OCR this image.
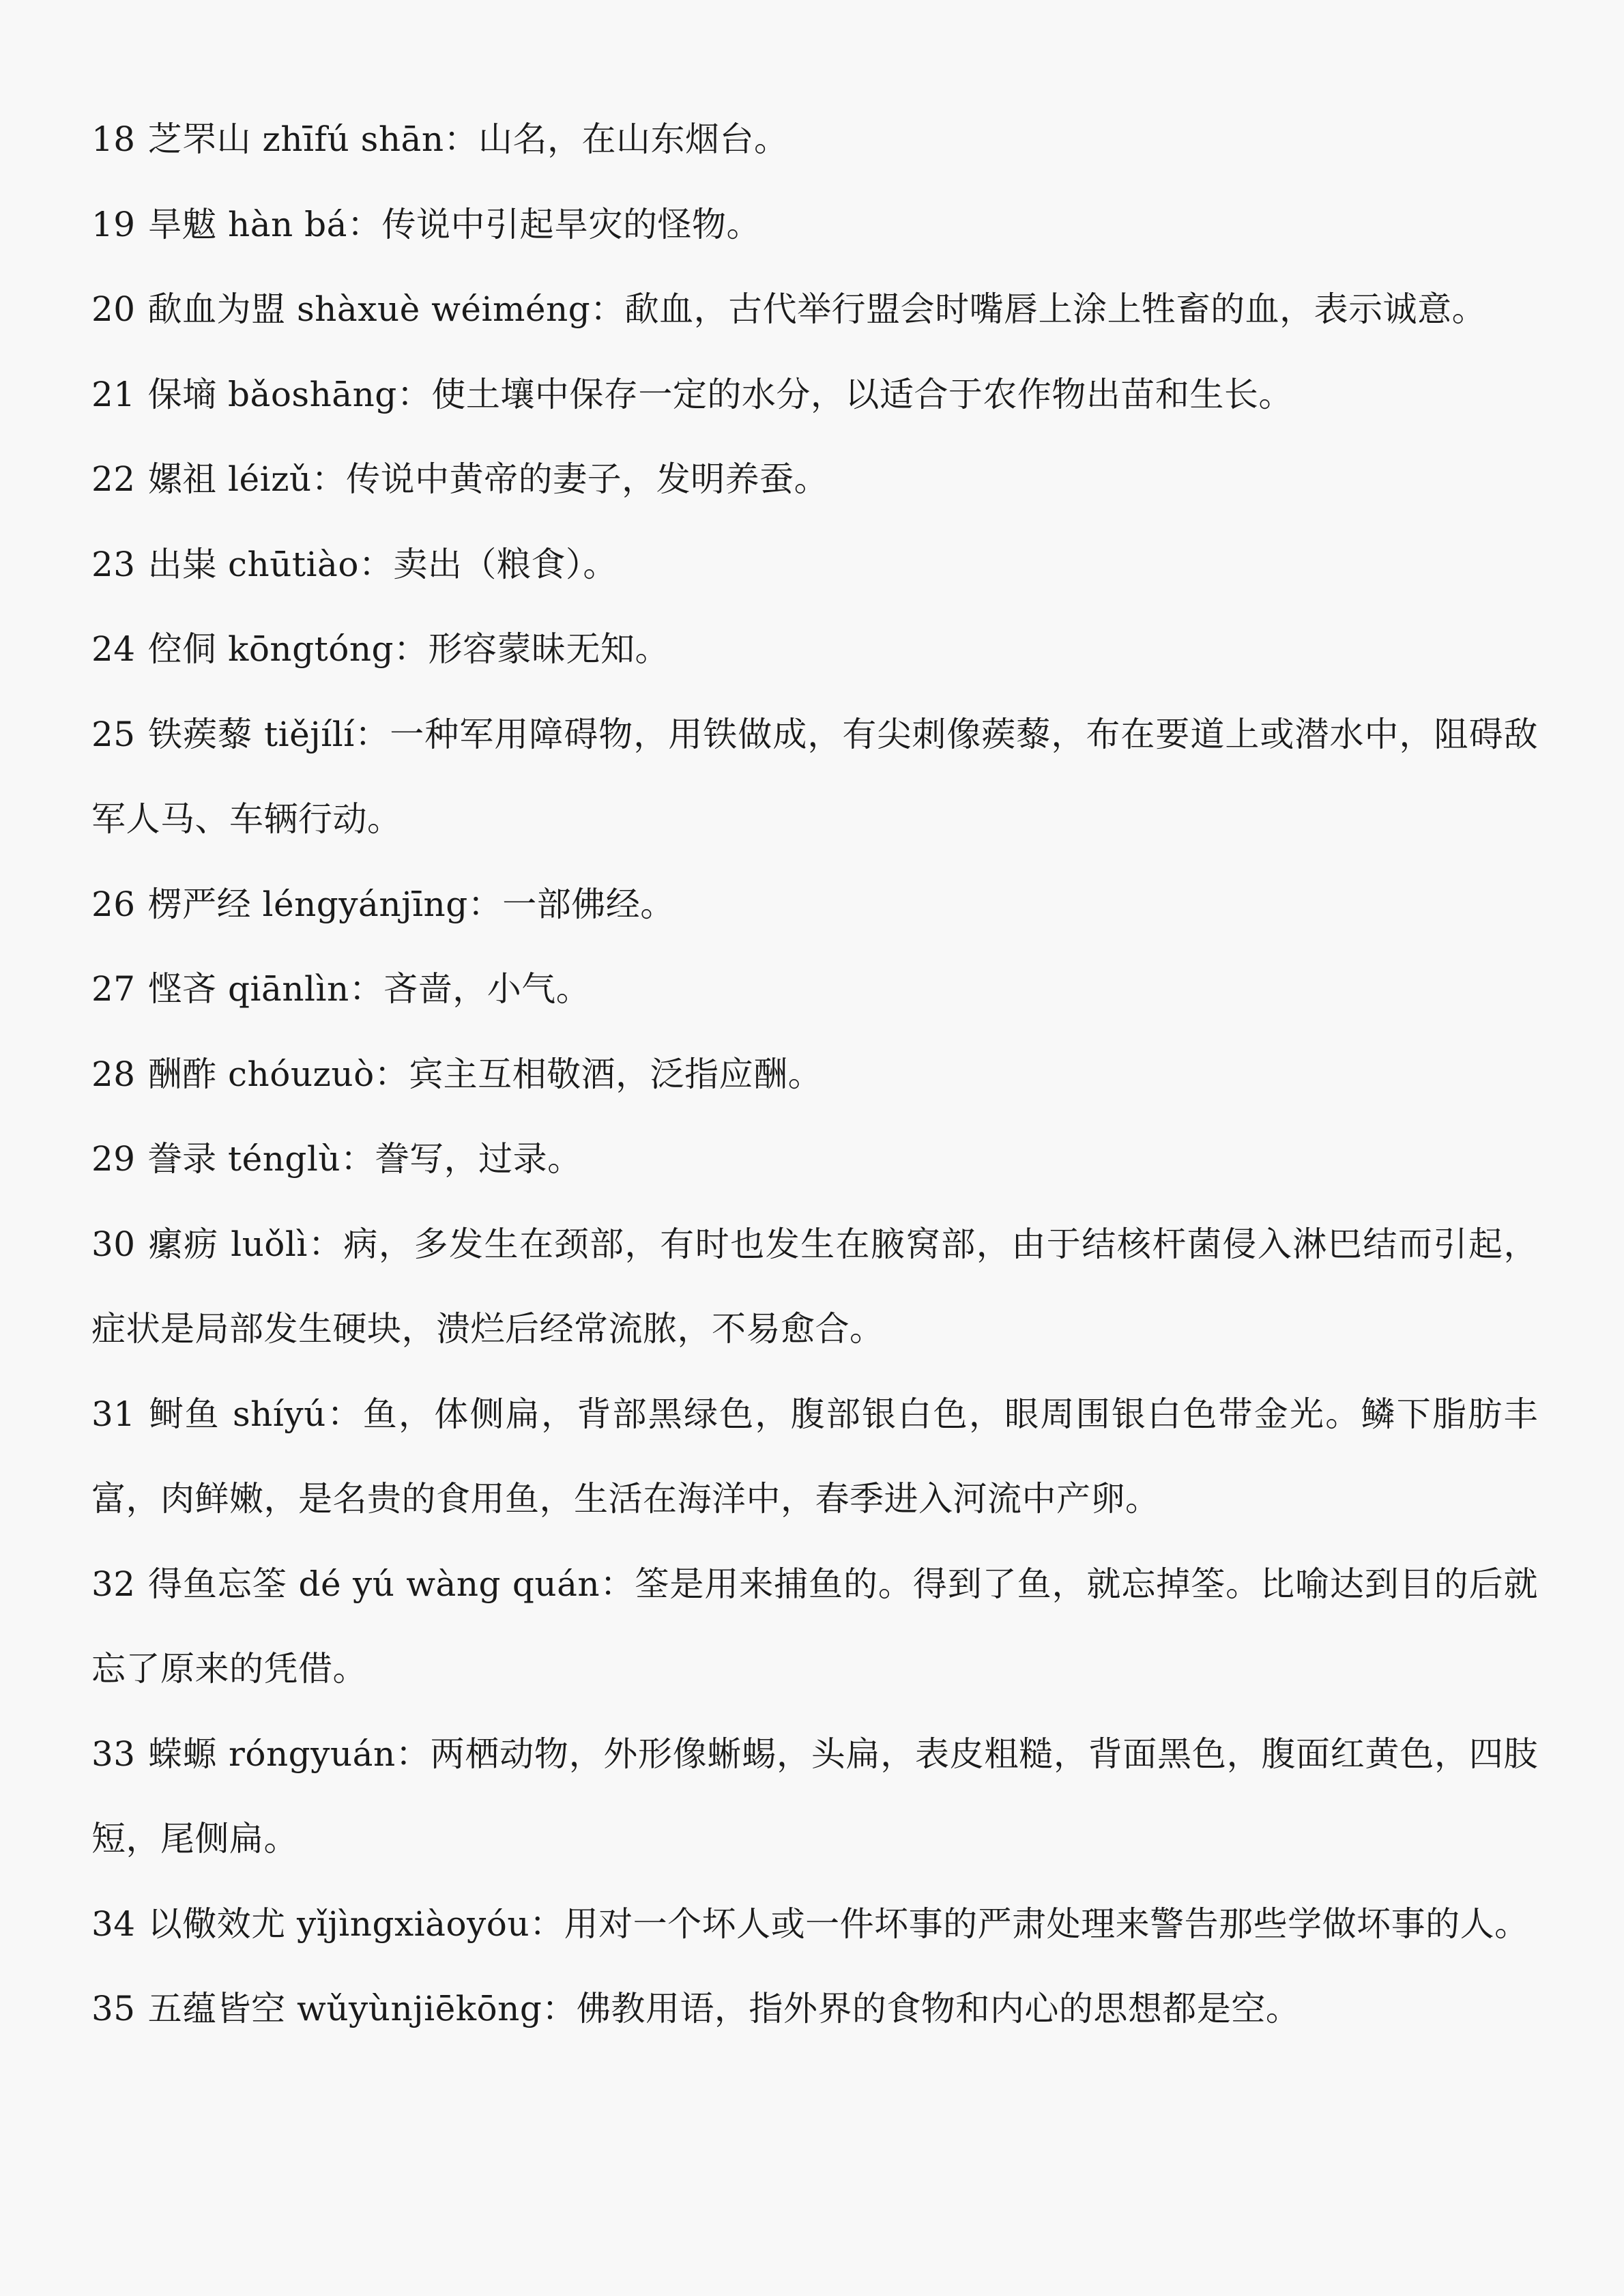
18 芝罘山 zhīfú shān：山名，在山东烟台。

19 旱魃 hàn bá：传说中引起旱灾的怪物。

20 歃血为盟 shàxuè wéiméng：歃血，古代举行盟会时嘴唇上涂上牲畜的血，表示诚意。

21 保墒 bǎoshāng：使土壤中保存一定的水分，以适合于农作物出苗和生长。

22 嫘祖 léizǔ：传说中黄帝的妻子，发明养蚕。

23 出粜 chūtiào：卖出（粮食）。

24 倥侗 kōngtóng：形容蒙昧无知。

25 铁蒺藜 tiějílí：一种军用障碍物，用铁做成，有尖刺像蒺藜，布在要道上或潜水中，阻碍敌军人马、车辆行动。

26 楞严经 léngyánjīng：一部佛经。

27 悭吝 qiānlìn：吝啬，小气。

28 酬酢 chóuzuò：宾主互相敬酒，泛指应酬。

29 誊录 ténglù：誊写，过录。

30 瘰疬 luǒlì：病，多发生在颈部，有时也发生在腋窝部，由于结核杆菌侵入淋巴结而引起，症状是局部发生硬块，溃烂后经常流脓，不易愈合。

31 鲥鱼 shíyú：鱼，体侧扁，背部黑绿色，腹部银白色，眼周围银白色带金光。鳞下脂肪丰富，肉鲜嫩，是名贵的食用鱼，生活在海洋中，春季进入河流中产卵。

32 得鱼忘筌 dé yú wàng quán：筌是用来捕鱼的。得到了鱼，就忘掉筌。比喻达到目的后就忘了原来的凭借。

33 蝾螈 róngyuán：两栖动物，外形像蜥蜴，头扁，表皮粗糙，背面黑色，腹面红黄色，四肢短，尾侧扁。

34 以儆效尤 yǐjìngxiàoyóu：用对一个坏人或一件坏事的严肃处理来警告那些学做坏事的人。

35 五蕴皆空 wǔyùnjiēkōng：佛教用语，指外界的食物和内心的思想都是空。
